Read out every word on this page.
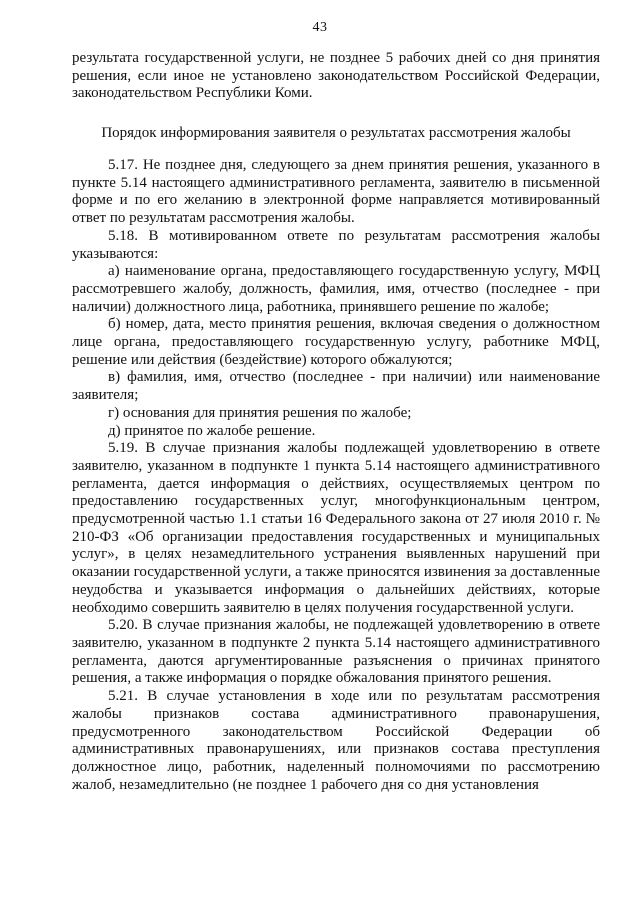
43

результата государственной услуги, не позднее 5 рабочих дней со дня принятия решения, если иное не установлено законодательством Российской Федерации, законодательством Республики Коми.

Порядок информирования заявителя о результатах рассмотрения жалобы

5.17. Не позднее дня, следующего за днем принятия решения, указанного в пункте 5.14 настоящего административного регламента, заявителю в письменной форме и по его желанию в электронной форме направляется мотивированный ответ по результатам рассмотрения жалобы.

5.18. В мотивированном ответе по результатам рассмотрения жалобы указываются:

а) наименование органа, предоставляющего государственную услугу, МФЦ рассмотревшего жалобу, должность, фамилия, имя, отчество (последнее - при наличии) должностного лица, работника, принявшего решение по жалобе;

б) номер, дата, место принятия решения, включая сведения о должностном лице органа, предоставляющего государственную услугу, работнике МФЦ, решение или действия (бездействие) которого обжалуются;

в) фамилия, имя, отчество (последнее - при наличии) или наименование заявителя;

г) основания для принятия решения по жалобе;

д) принятое по жалобе решение.

5.19. В случае признания жалобы подлежащей удовлетворению в ответе заявителю, указанном в подпункте 1 пункта 5.14 настоящего административного регламента, дается информация о действиях, осуществляемых центром по предоставлению государственных услуг, многофункциональным центром, предусмотренной частью 1.1 статьи 16 Федерального закона от 27 июля 2010 г. № 210-ФЗ «Об организации предоставления государственных и муниципальных услуг», в целях незамедлительного устранения выявленных нарушений при оказании государственной услуги, а также приносятся извинения за доставленные неудобства и указывается информация о дальнейших действиях, которые необходимо совершить заявителю в целях получения государственной услуги.

5.20. В случае признания жалобы, не подлежащей удовлетворению в ответе заявителю, указанном в подпункте 2 пункта 5.14 настоящего административного регламента, даются аргументированные разъяснения о причинах принятого решения, а также информация о порядке обжалования принятого решения.

5.21. В случае установления в ходе или по результатам рассмотрения жалобы признаков состава административного правонарушения, предусмотренного законодательством Российской Федерации об административных правонарушениях, или признаков состава преступления должностное лицо, работник, наделенный полномочиями по рассмотрению жалоб, незамедлительно (не позднее 1 рабочего дня со дня установления
